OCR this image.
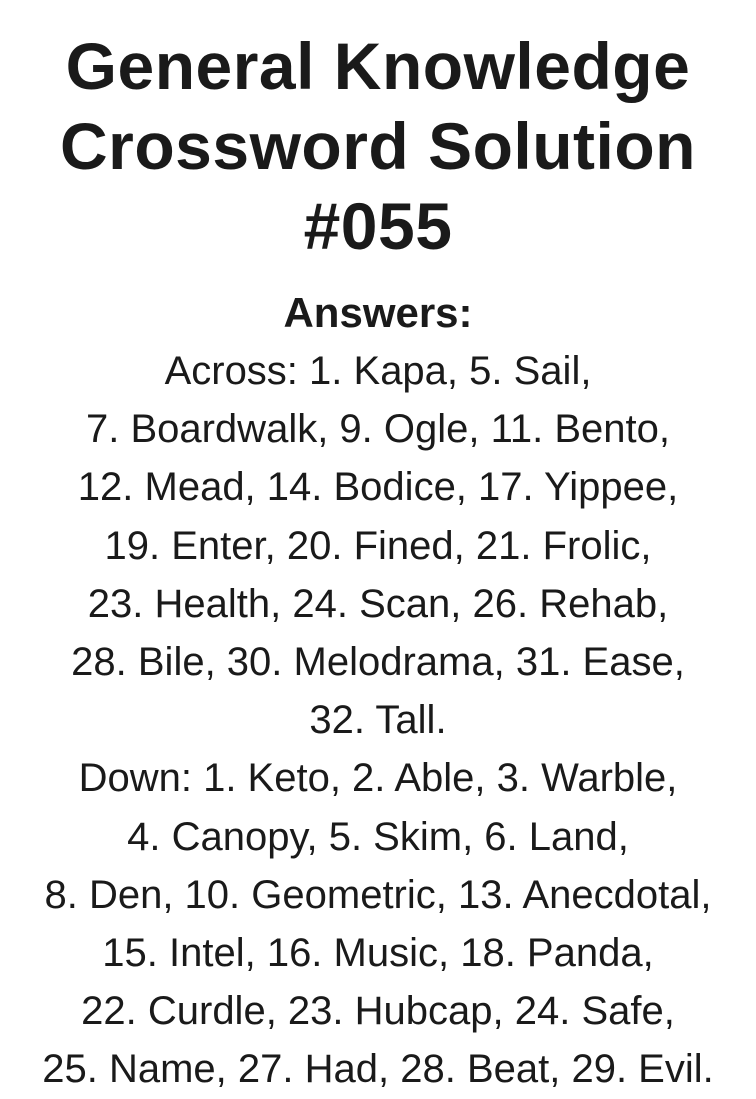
General Knowledge

Crossword Solution

#055

Answers:

Across: 1. Kapa, 5. Sail,

7. Boardwalk, 9. Ogle, 11. Bento,

12. Mead, 14. Bodice, 17. Yippee,

19. Enter, 20. Fined, 21. Frolic,

23. Health, 24. Scan, 26. Rehab,

28. Bile, 30. Melodrama, 31. Ease,

32. Tall.

Down: 1. Keto, 2. Able, 3. Warble,

4. Canopy, 5. Skim, 6. Land,

8. Den, 10. Geometric, 13. Anecdotal,

15. Intel, 16. Music, 18. Panda,

22. Curdle, 23. Hubcap, 24. Safe,

25. Name, 27. Had, 28. Beat, 29. Evil.
